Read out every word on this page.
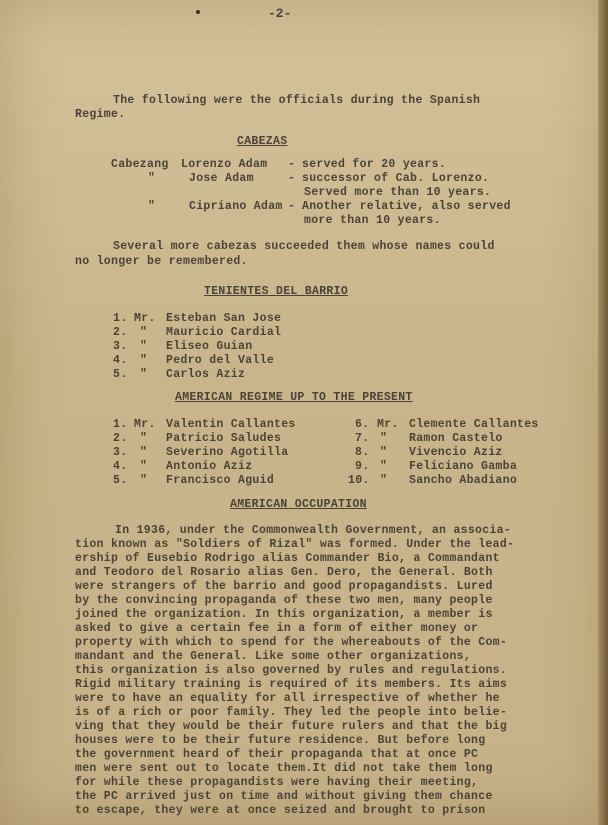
-2-
The following were the officials during the Spanish
Regime.
CABEZAS
Cabezang Lorenzo Adam - served for 20 years.
"	Jose Adam	- successor of Cab. Lorenzo.
Served more than 10 years.
"	Cipriano Adam - Another relative, also served
more than 10 years.
Several more cabezas succeeded them whose names could
no longer be remembered.
TENIENTES DEL BARRIO
1. Mr. Esteban San Jose
2. " Mauricio Cardial
3. " Eliseo Guian
4. " Pedro del Valle
5. " Carlos Aziz
AMERICAN REGIME UP TO THE PRESENT
1. Mr. Valentin Callantes
2. " Patricio Saludes
3. " Severino Agotilla
4. " Antonio Aziz
5. " Francisco Aguid
6. Mr. Clemente Callantes
7. " Ramon Castelo
8. " Vivencio Aziz
9. " Feliciano Gamba
10. " Sancho Abadiano
AMERICAN OCCUPATION
In 1936, under the Commonwealth Government, an associa-
tion known as "Soldiers of Rizal" was formed. Under the lead-
ership of Eusebio Rodrigo alias Commander Bio, a Commandant
and Teodoro del Rosario alias Gen. Dero, the General. Both
were strangers of the barrio and good propagandists. Lured
by the convincing propaganda of these two men, many people
joined the organization. In this organization, a member is
asked to give a certain fee in a form of either money or
property with which to spend for the whereabouts of the Com-
mandant and the General. Like some other organizations,
this organization is also governed by rules and regulations.
Rigid military training is required of its members. Its aims
were to have an equality for all irrespective of whether he
is of a rich or poor family. They led the people into belie-
ving that they would be their future rulers and that the big
houses were to be their future residence. But before long
the government heard of their propaganda that at once PC
men were sent out to locate them.It did not take them long
for while these propagandists were having their meeting,
the PC arrived just on time and without giving them chance
to escape, they were at once seized and brought to prison
